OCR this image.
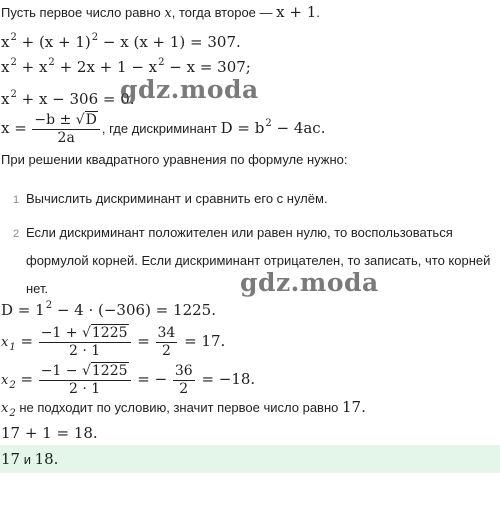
Пусть первое число равно x, тогда второе — x + 1.
$x^2 + (x + 1)^2 - x$ (x + 1) = 307.
$x^2 + x^2 + 2x + 1 - x^2 - x = 307$;
$x^2 + x - 306 = 0$.
gdz.moda
$x = \frac{-b \pm √D}{2a}$ , где дискриминант $D = b^2 - 4ac$.
При решении квадратного уравнения по формуле нужно:
1 Вычислить дискриминант и сравнить его с нулём.
2 Если дискриминант положителен или равен нулю, то воспользоваться формулой корней. Если дискриминант отрицателен, то записать, что корней нет.	gdz.moda
$D = 1^2 - 4 \cdot (-306) = 1225$.
$x_1 = \frac{-1 + √1225}{2 \cdot 1} = \frac{34}{2} = 17$.
$x_2 = \frac{-1 - √1225}{2 \cdot 1}$ = − $\frac{36}{2} = -18$.
$x_2$ не подходит по условию, значит первое число равно 17.
17 + 1 = 18.
17 и 18.
